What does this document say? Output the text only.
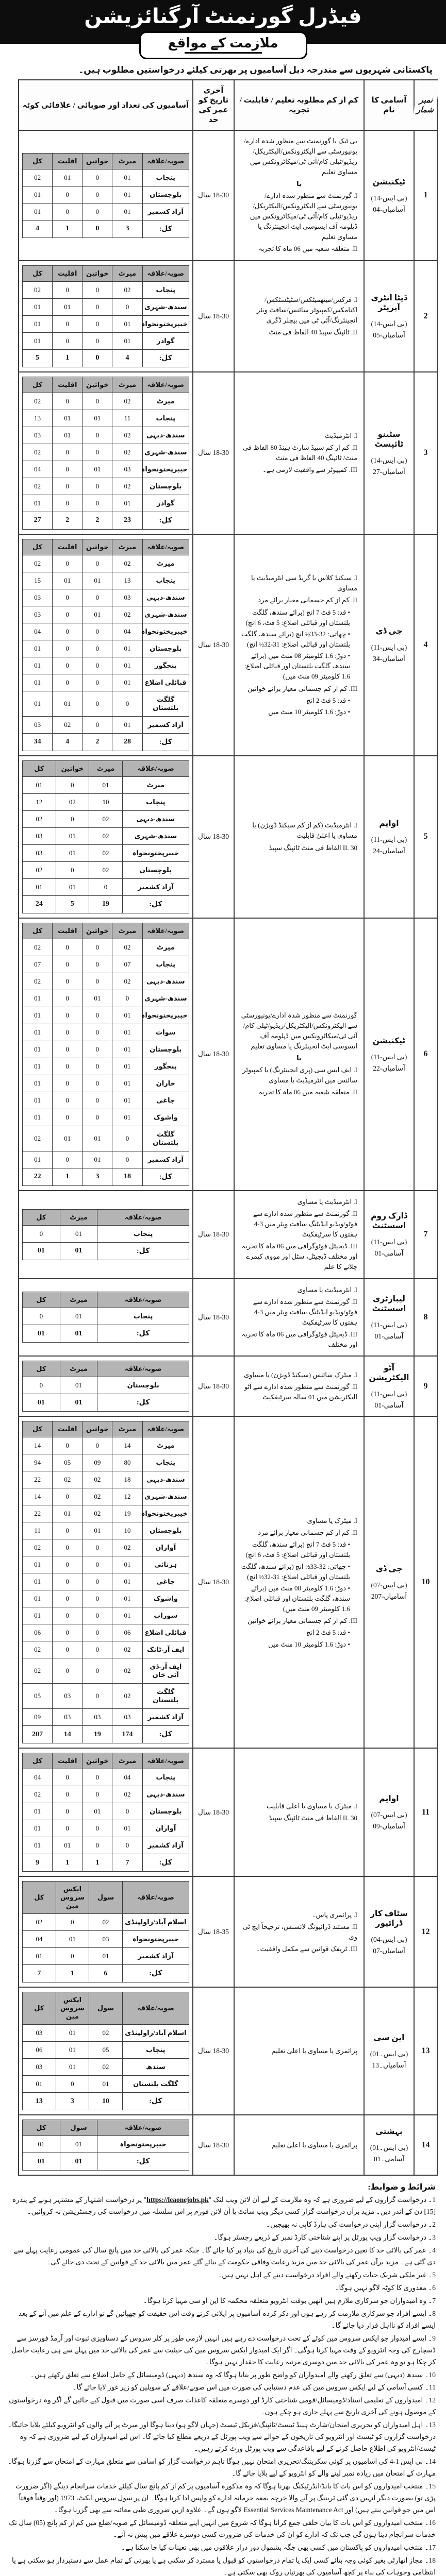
فیڈرل گورنمنٹ آرگنائزیشن
ملازمت کے مواقع
پاکستانی شہریوں سے مندرجہ ذیل آسامیوں پر بھرتی کیلئے درخواستیں مطلوب ہیں۔
نمبر شمار	آسامی کا نام	کم از کم مطلوبہ تعلیم / قابلیت / تجربہ	آخری تاریخ کو عمر کی حد	آسامیوں کی تعداد اور صوبائی / علاقائی کوٹہ
1	
ٹیکنیشن
(بی ایس-14)
آسامیاں-04

بی ٹیک یا گورنمنٹ سے منظور شدہ ادارے/یونیورسٹی سے الیکٹرونکس/الیکٹریکل/ریڈیو/ٹیلی کام/آئی ٹی/میکاٹرونکس میں مساوی تعلیم
یا
I. گورنمنٹ سے منظور شدہ ادارے/یونیورسٹی سے الیکٹرونکس/الیکٹریکل/ریڈیو/ٹیلی کام/آئی ٹی/میکاٹرونکس میں ڈپلومہ آف ایسوسی ایٹ انجینئرنگ یا مساوی تعلیم
II. متعلقہ شعبہ میں 06 ماہ کا تجربہ
	18-30 سال	
صوبہ/علاقہ	میرٹ	خواتین	اقلیت	کل
پنجاب	01	0	01	02
بلوچستان	01	0	0	01
آزاد کشمیر	01	0	0	01
کل:	3	0	1	4

2	
ڈیٹا انٹری آپریٹر
(بی ایس-14)
آسامیاں-05

I. فزکس/میتھمیٹکس/سٹیٹسٹکس/اکنامکس/کمپیوٹر سائنس/سافٹ ویئر انجینئرنگ/آئی ٹی میں بیچلر ڈگری
II. ٹائپنگ سپیڈ 40 الفاظ فی منٹ
	18-30 سال	
صوبہ/علاقہ	میرٹ	خواتین	اقلیت	کل
پنجاب	02	0	0	02
سندھ-شہری	0	0	01	01
خیبرپختونخواہ	01	0	0	01
گوادر	01	0	0	01
کل:	4	0	1	5

3	
سٹینو ٹائپسٹ
(بی ایس-14)
آسامیاں-27

I. انٹرمیڈیٹ
II. کم از کم سپیڈ شارٹ ہینڈ 80 الفاظ فی منٹ/ ٹائپنگ 40 الفاظ فی منٹ
III. کمپیوٹر سے واقفیت لازمی ہے۔
	18-30 سال	
صوبہ/علاقہ	میرٹ	خواتین	اقلیت	کل
میرٹ	02	0	0	02
پنجاب	11	01	01	13
سندھ-دیہی	02	0	01	03
سندھ-شہری	02	0	0	02
خیبرپختونخواہ	03	01	0	04
بلوچستان	02	0	0	02
گوادر	01	0	0	01
کل:	23	2	2	27

4	
جی ڈی
(بی ایس-11)
آسامیاں-34

I. سیکنڈ کلاس یا گریڈ سی انٹرمیڈیٹ یا مساوی
II. کم از کم جسمانی معیار برائے مرد
• قد: 5 فٹ 7 انچ (برائے سندھ، گلگت بلتستان اور قبائلی اضلاع: 5 فٹ، 6 انچ)
• چھاتی: 32-33½ انچ (برائے سندھ، گلگت بلتستان اور قبائلی اضلاع: 31-32½ انچ)
• دوڑ: 1.6 کلومیٹر 08 منٹ میں (برائے سندھ، گلگت بلتستان اور قبائلی اضلاع: 1.6 کلومیٹر 09 منٹ میں)
III. کم از کم جسمانی معیار برائے خواتین
• قد: 5 فٹ 2 انچ
• دوڑ: 1.6 کلومیٹر 10 منٹ میں
	18-30 سال	
صوبہ/علاقہ	میرٹ	خواتین	اقلیت	کل
میرٹ	02	0	0	02
پنجاب	13	01	01	15
سندھ-دیہی	03	0	0	03
سندھ-شہری	02	01	0	03
خیبرپختونخواہ	04	0	0	04
بلوچستان	01	0	0	01
پنجگور	01	0	0	01
قبائلی اضلاع	01	0	0	01
گلگت بلتستان	0	0	01	01
آزاد کشمیر	01	0	02	03
کل:	28	2	4	34

5	
اوایم
(بی ایس-11)
آسامیاں-24

I. انٹرمیڈیٹ (کم از کم سیکنڈ ڈویژن) یا مساوی یا اعلیٰ قابلیت
II. 30 الفاظ فی منٹ ٹائپنگ سپیڈ
	18-30 سال	
صوبہ/علاقہ	میرٹ	خواتین	کل
میرٹ	01	0	01
پنجاب	10	02	12
سندھ-دیہی	02	0	02
سندھ-شہری	02	01	03
خیبرپختونخواہ	02	01	03
بلوچستان	02	0	02
آزاد کشمیر	0	01	01
کل:	19	5	24

6	
ٹیکنیشن
(بی ایس-11)
آسامیاں-22

گورنمنٹ سے منظور شدہ ادارے/یونیورسٹی سے الیکٹرونکس/الیکٹریکل/ریڈیو/ٹیلی کام/آئی ٹی/میکاٹرونکس میں ڈپلومہ آف ایسوسی ایٹ انجینئرنگ یا مساوی تعلیم
یا
I. ایف ایس سی (پری انجینئرنگ) یا کمپیوٹر سائنس میں انٹرمیڈیٹ یا مساوی
II. متعلقہ شعبہ میں 06 ماہ کا تجربہ
	18-30 سال	
صوبہ/علاقہ	میرٹ	خواتین	اقلیت	کل
میرٹ	02	0	0	02
پنجاب	07	0	0	07
سندھ-دیہی	02	0	0	02
سندھ-شہری	0	01	0	01
خیبرپختونخواہ	01	0	0	01
سوات	01	0	0	01
بلوچستان	01	0	0	01
پنجگور	01	0	0	01
خاران	01	0	0	01
چاغی	01	0	0	01
واشوک	01	0	0	01
گلگت بلتستان	0	01	01	02
آزاد کشمیر	0	01	0	01
کل:	18	3	1	22

7	
ڈارک روم اسسٹنٹ
(بی ایس-11)
آسامی-01

I. انٹرمیڈیٹ یا مساوی
II. گورنمنٹ سے منظور شدہ ادارے سے فوٹو/ویڈیو ایڈیٹنگ سافٹ ویئر میں 3-4 ہفتوں کا سرٹیفکیٹ
III. ڈیجیٹل فوٹوگرافی میں 06 ماہ کا تجربہ اور مختلف ڈیجیٹل، سٹل اور مووی کیمرے چلانے کا علم
	18-30 سال	
صوبہ/علاقہ	میرٹ	کل
پنجاب	01	0
کل:	01	01

8	
لیبارٹری اسسٹنٹ
(بی ایس-11)
آسامی-01

I. انٹرمیڈیٹ یا مساوی
II. گورنمنٹ سے منظور شدہ ادارے سے فوٹو/ویڈیو ایڈیٹنگ سافٹ ویئر میں 3-4 ہفتوں کا سرٹیفکیٹ
III. ڈیجیٹل فوٹوگرافی میں 06 ماہ کا تجربہ اور مختلف
	18-30 سال	
صوبہ/علاقہ	میرٹ	کل
پنجاب	01	0
کل:	01	01

9	
آٹو الیکٹریشن
(بی ایس-11)
آسامی-01

I. میٹرک سائنس (سیکنڈ ڈویژن) یا مساوی
II. گورنمنٹ سے منظور شدہ ادارے سے آٹو الیکٹریشن میں 01 سالہ سرٹیفکیٹ
	18-30 سال	
صوبہ/علاقہ	میرٹ	کل
بلوچستان	01	0
کل:	01	01

10	
جی ڈی
(بی ایس-07)
آسامیاں-207

I. میٹرک یا مساوی
II. کم از کم جسمانی معیار برائے مرد
• قد: 5 فٹ 7 انچ (برائے سندھ، گلگت بلتستان اور قبائلی اضلاع: 5 فٹ، 6 انچ)
• چھاتی: 32-33½ انچ (برائے سندھ، گلگت بلتستان اور قبائلی اضلاع: 31-32½ انچ)
• دوڑ: 1.6 کلومیٹر 08 منٹ میں (برائے سندھ، گلگت بلتستان اور قبائلی اضلاع: 1.6 کلومیٹر 09 منٹ میں)
III. کم از کم جسمانی معیار برائے خواتین
• قد: 5 فٹ 2 انچ
• دوڑ: 1.6 کلومیٹر 10 منٹ میں
	18-30 سال	
صوبہ/علاقہ	میرٹ	خواتین	اقلیت	کل
میرٹ	14	0	0	14
پنجاب	80	09	05	94
سندھ-دیہی	18	02	02	22
سندھ-شہری	12	02	0	14
خیبرپختونخواہ	19	02	01	22
بلوچستان	10	01	0	11
آواران	02	0	0	02
ہرنائی	01	0	0	01
چاغی	01	0	0	01
واشوک	01	0	0	01
سوراب	01	0	0	01
قبائلی اضلاع	06	0	0	06
ایف آر-ٹانک	02	0	0	02
ایف آر-ڈی آئی خان	02	0	0	02
گلگت بلتستان	02	0	03	05
آزاد کشمیر	03	03	03	09
کل:	174	19	14	207

11	
اوایم
(بی ایس-07)
آسامیاں-09

I. میٹرک یا مساوی یا اعلیٰ قابلیت
II. 30 الفاظ فی منٹ ٹائپنگ سپیڈ
	18-30 سال	
صوبہ/علاقہ	میرٹ	خواتین	اقلیت	کل
پنجاب	04	0	0	04
سندھ-دیہی	02	0	0	02
بلوچستان	0	01	0	01
آواران	01	0	0	01
آزاد کشمیر	0	0	01	01
کل:	7	1	1	9

12	
سٹاف کار ڈرائیور
(بی ایس-04)
آسامیاں-07

I. پرائمری پاس۔
II. مستند ڈرائیونگ لائسنس، ترجیحاً ایچ ٹی وی۔
III. ٹریفک قوانین سے مکمل واقفیت۔
	18-35 سال	
صوبہ/علاقہ	سول	ایکس سروس مین	کل
اسلام آباد/راولپنڈی	02	0	02
خیبرپختونخواہ	03	01	04
آزاد کشمیر	01	0	01
کل:	6	1	7

13	
این سی
(بی ایس۔01)
آسامیاں۔13

پرائمری یا مساوی یا اعلیٰ تعلیم
	18-30 سال	
صوبہ/علاقہ	سول	ایکس سروس مین	کل
اسلام آباد/راولپنڈی	02	01	03
پنجاب	05	01	06
سندھ	02	01	03
گلگت بلتستان	01	0	01
کل:	10	3	13

14	
بہشتی
(بی ایس۔01)
آسامی۔01

پرائمری یا مساوی یا اعلیٰ تعلیم
	18-30 سال	
صوبہ/علاقہ	سول	کل
خیبرپختونخواہ	01	01
کل:	01	01
شرائط و ضوابط:
1۔ درخواست گزاروں کے لیے ضروری ہے کہ وہ ملازمت کے لیے آن لائن ویب لنک "https://leaonejobs.pk" پر درخواست اشتہار کے مشتہر ہونے کے پندرہ [15] دن کے اندر دیں۔ مزید برآں درخواست گزار کسی دیگر ویب سائٹ یا آن لائن فورم پر اس سلسلہ میں درخواست کی رجسٹریشن نہ کروائیں۔
2۔ درخواست گزار اپنی درخواست کی ہارڈ کاپی نہ بھیجیں۔
3۔ درخواست گزار ویب پورٹل پر اپنے شناختی کارڈ نمبر کے ذریعے رجسٹر ہوگا۔
4۔ عمر کی بالائی حد کا تعین درخواست دینے کی آخری تاریخ کی بنیاد پر کیا جائے گا۔ جبکہ عمر کی بالائی حد میں پانچ سال کی عمومی رعایت پہلے سے دی گئی ہے۔ مزید برآں عمر کی بالائی حد میں مزید رعایت وفاقی حکومت کے بنائے گئے عمر میں بالائی حد کے قوانین کے تحت دی جائے گی۔
5۔ غیر ملکی شریک حیات رکھنے والے افراد درخواست دینے کے اہل نہیں ہیں۔
6۔ معذوری کا کوٹہ لاگو نہیں ہوگا۔
7۔ وہ امیدواران جو سرکاری ملازم ہیں انھیں بوقت انٹرویو متعلقہ محکمہ کا این او سی مہیا کرنا ہوگا۔
8۔ ایسے افراد جو سرکاری ملازمت کر رہے ہوں اور ذکر کردہ آسامیوں پر اپلائی کرتے وقت اس حقیقت کو چھپائیں گے تو ادارے کے علم میں آنے کے بعد ایسے افراد کو نااہل قرار دیا جائے گا۔
9۔ ایسے امیدوار جو ایکس سروس مین کوٹے کے تحت درخواست دے رہے ہیں انہیں لازمی طور پر کلر سروس کے دستاویزی ثبوت اور آرمڈ فورسز سے ڈسچارج کی وجہ انٹرویو کے وقت مہیا کرنا ہوگی۔ اگر ایک امیدوار ایکس سروس مین کی حیثیت سے عمر کی بالائی حد میں پہلے سے ہی رعایت حاصل کر چکا ہو تو وہ عمر کی بالائی حد میں دوسری مرتبہ رعایت کا حقدار نہیں ہوگا۔
10۔ سندھ (دیہی) سے تعلق رکھنے والے امیدواران کو واضح طور پر بتانا ہوگا کہ وہ سندھ (دیہی) ڈومیسائل کے حامل اضلاع سے تعلق رکھتے ہیں۔
11۔ کسی آسامی کے لیے ایکس سروس مین کی عدم دستیابی کی صورت میں اس صوبے/علاقے کے سویلین کو زیر غور لایا جائے گا۔
12۔ امیدواروں کے تعلیمی اسناد/ڈومیسائل/قومی شناختی کارڈ اور دوسرے متعلقہ کاغذات صرف اسی صورت میں قبول کیے جائیں گے اگر وہ درخواستوں کے موصول ہونے کی آخری تاریخ سے پہلے جاری ہو چکے ہوں۔
13۔ اہل امیدواران کو تحریری امتحان/شارٹ ہینڈ ٹیسٹ/ٹائپنگ/فزیکل ٹیسٹ (جہاں لاگو ہو) دینا ہوگا اور میرٹ پر آنے والوں کو انٹرویو کیلئے بلایا جائیگا۔ درخواست گزاروں کو ٹیسٹ اور انٹرویو کی تاریخوں کے حوالے سے ویب پورٹل کے ذریعے مطلع کیا جائے گا۔ اس لیے امیدواران کے لیے ضروری ہے کہ وہ ٹیسٹ/انٹرویو کی اطلاع حاصل کرنے کے لیے باقاعدگی سے ویب پورٹل وزٹ کرتے رہیں۔
14۔ بی ایس 1-4 کی اسامیوں پر کوئی سکریننگ/تحریری امتحان نہیں ہوگا تاہم درخواست گزار کو اسامی سے متعلق مہارت کے امتحان سے گزرنا ہوگا۔ مہارت کے امتحان میں زیادہ نمبر لینے والے کو انٹرویو کے لیے بلایا جائے گا۔
15۔ منتخب امیدواروں کو اس بات کا بانڈ/انڈرٹیکنگ بھرنا ہوگا کہ وہ مذکورہ آسامیوں پر کم از کم پانچ سال کیلئے خدمات سرانجام دینگے (اگر ضرورت پڑی تو) بصورت دیگر انہیں دی گئی ٹریننگ پر آنے والا خرچہ بمعہ جرمانہ ادارے کو واپس ادا کرنا ہوگا۔ ان پر سول سروس ایکٹ، 1973 (اور وقتاً فوقتاً اس میں جو قوانین بنتے ہیں) اور Essential Services Maintenance Act لاگو ہوں گے۔ علاوہ ازیں ضروری طبی معائنہ سے بھی گزرنا ہوگا۔
16۔ منتخب امیدواروں کو اس بات کا بیان حلفی جمع کرانا ہوگا کہ شروع میں انہیں اپنے متعلقہ ڈومیسائل کے صوبہ/ضلع میں کم از کم پانچ (05) سال تک خدمات سرانجام دینا ہوں گی جب تک کہ ادارے کو ان کی خدمات کی ضرورت کسی دوسرے علاقے میں پیش نہ آئے۔
17۔ منتخب امیدواروں کو پاکستان میں کسی بھی جگہ بشمول دور دراز علاقوں میں بھی تعینات کیا جا سکتا ہے۔
18۔ مجاز اتھارٹی بغیر کوئی وجہ بتائے کسی ایک یا تمام درخواستوں کو قبول یا مسترد کر سکتی ہے یا بھرتی کے تمام عمل سے دستبردار ہو سکتی ہے یا انتظامی وجوہات کی بناء پر کچھ آسامیوں کی بھرتیاں روک بھی سکتی ہے۔
